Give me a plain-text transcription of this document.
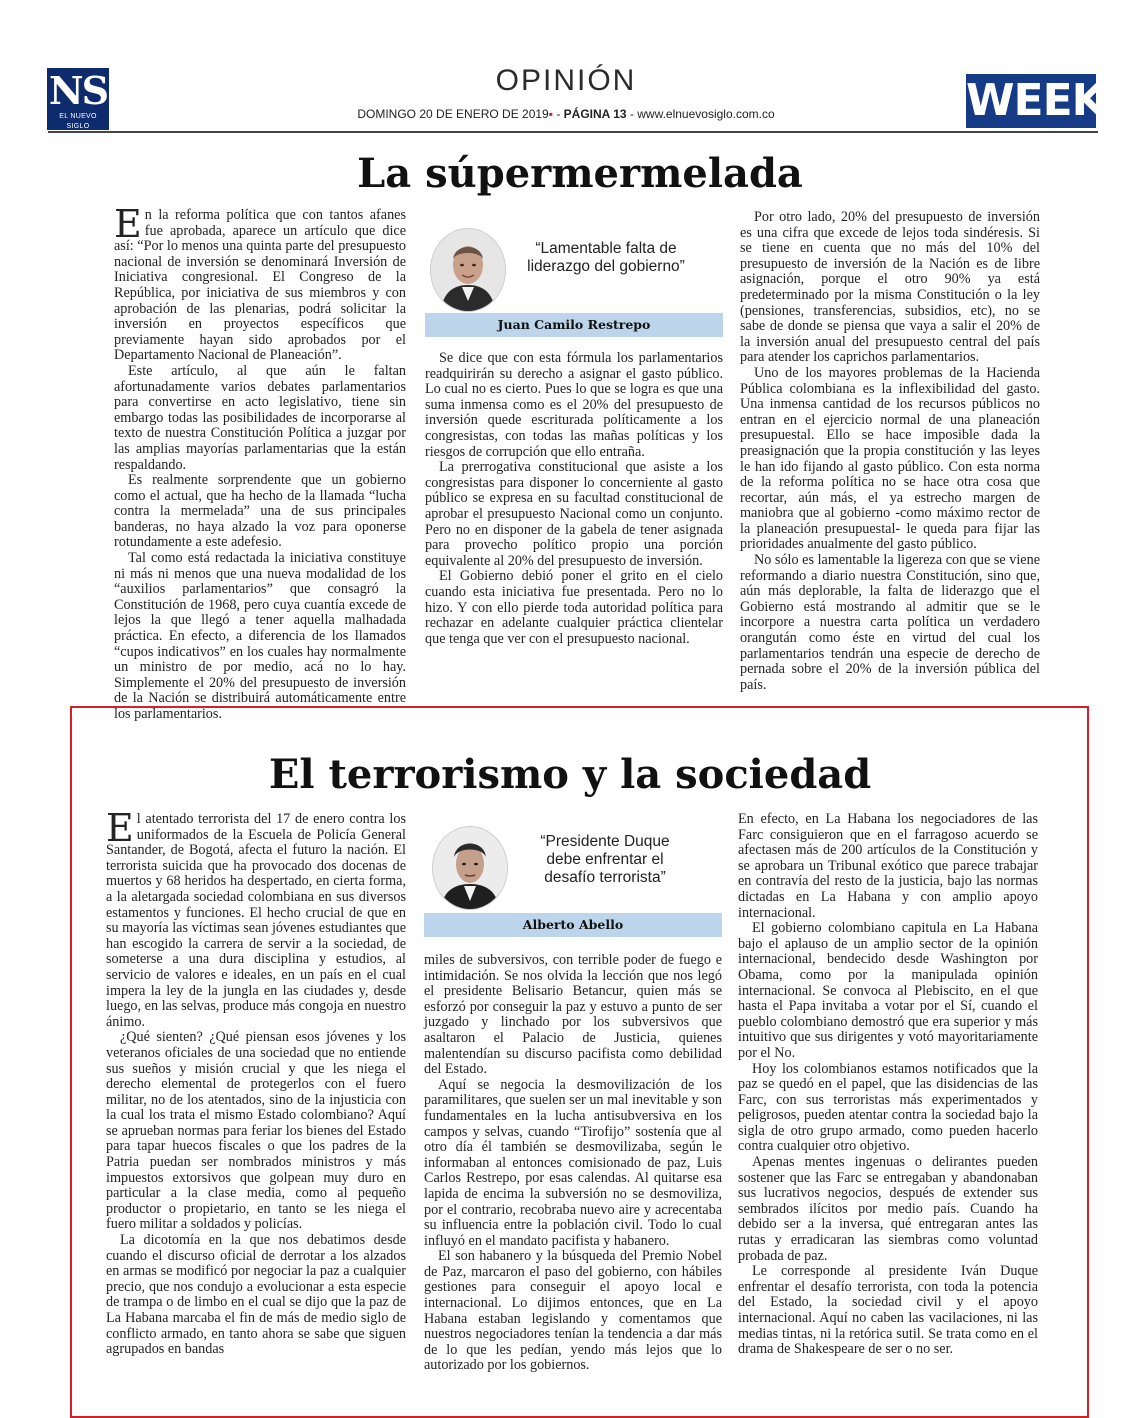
NS
EL NUEVO SIGLO
OPINIÓN
DOMINGO 20 DE ENERO DE 2019▪ - PÁGINA 13 - www.elnuevosiglo.com.co	WEEK
La súpermermelada

En la reforma política que con tantos afanes fue aprobada, aparece un artículo que dice así: “Por lo menos una quinta parte del presupuesto nacional de inversión se denominará Inversión de Iniciativa congresional. El Congreso de la República, por iniciativa de sus miembros y con aprobación de las plenarias, podrá solicitar la inversión en proyectos específicos que previamente hayan sido aprobados por el Departamento Nacional de Planeación”.

Este artículo, al que aún le faltan afortunadamente varios debates parlamentarios para convertirse en acto legislativo, tiene sin embargo todas las posibilidades de incorporarse al texto de nuestra Constitución Política a juzgar por las amplias mayorías parlamentarias que la están respaldando.

Es realmente sorprendente que un gobierno como el actual, que ha hecho de la llamada “lucha contra la mermelada” una de sus principales banderas, no haya alzado la voz para oponerse rotundamente a este adefesio.

Tal como está redactada la iniciativa constituye ni más ni menos que una nueva modalidad de los “auxilios parlamentarios” que consagró la Constitución de 1968, pero cuya cuantía excede de lejos la que llegó a tener aquella malhadada práctica. En efecto, a diferencia de los llamados “cupos indicativos” en los cuales hay normalmente un ministro de por medio, acá no lo hay. Simplemente el 20% del presupuesto de inversión de la Nación se distribuirá automáticamente entre los parlamentarios.

“Lamentable falta de liderazgo del gobierno”
Juan Camilo Restrepo

Se dice que con esta fórmula los parlamentarios readquirirán su derecho a asignar el gasto público. Lo cual no es cierto. Pues lo que se logra es que una suma inmensa como es el 20% del presupuesto de inversión quede escriturada políticamente a los congresistas, con todas las mañas políticas y los riesgos de corrupción que ello entraña.

La prerrogativa constitucional que asiste a los congresistas para disponer lo concerniente al gasto público se expresa en su facultad constitucional de aprobar el presupuesto Nacional como un conjunto. Pero no en disponer de la gabela de tener asignada para provecho político propio una porción equivalente al 20% del presupuesto de inversión.

El Gobierno debió poner el grito en el cielo cuando esta iniciativa fue presentada. Pero no lo hizo. Y con ello pierde toda autoridad política para rechazar en adelante cualquier práctica clientelar que tenga que ver con el presupuesto nacional.

Por otro lado, 20% del presupuesto de inversión es una cifra que excede de lejos toda sindéresis. Si se tiene en cuenta que no más del 10% del presupuesto de inversión de la Nación es de libre asignación, porque el otro 90% ya está predeterminado por la misma Constitución o la ley (pensiones, transferencias, subsidios, etc), no se sabe de donde se piensa que vaya a salir el 20% de la inversión anual del presupuesto central del país para atender los caprichos parlamentarios.

Uno de los mayores problemas de la Hacienda Pública colombiana es la inflexibilidad del gasto. Una inmensa cantidad de los recursos públicos no entran en el ejercicio normal de una planeación presupuestal. Ello se hace imposible dada la preasignación que la propia constitución y las leyes le han ido fijando al gasto público. Con esta norma de la reforma política no se hace otra cosa que recortar, aún más, el ya estrecho margen de maniobra que al gobierno -como máximo rector de la planeación presupuestal- le queda para fijar las prioridades anualmente del gasto público.

No sólo es lamentable la ligereza con que se viene reformando a diario nuestra Constitución, sino que, aún más deplorable, la falta de liderazgo que el Gobierno está mostrando al admitir que se le incorpore a nuestra carta política un verdadero orangután como éste en virtud del cual los parlamentarios tendrán una especie de derecho de pernada sobre el 20% de la inversión pública del país.

El terrorismo y la sociedad

El atentado terrorista del 17 de enero contra los uniformados de la Escuela de Policía General Santander, de Bogotá, afecta el futuro la nación. El terrorista suicida que ha provocado dos docenas de muertos y 68 heridos ha despertado, en cierta forma, a la aletargada sociedad colombiana en sus diversos estamentos y funciones. El hecho crucial de que en su mayoría las víctimas sean jóvenes estudiantes que han escogido la carrera de servir a la sociedad, de someterse a una dura disciplina y estudios, al servicio de valores e ideales, en un país en el cual impera la ley de la jungla en las ciudades y, desde luego, en las selvas, produce más congoja en nuestro ánimo.

¿Qué sienten? ¿Qué piensan esos jóvenes y los veteranos oficiales de una sociedad que no entiende sus sueños y misión crucial y que les niega el derecho elemental de protegerlos con el fuero militar, no de los atentados, sino de la injusticia con la cual los trata el mismo Estado colombiano? Aquí se aprueban normas para feriar los bienes del Estado para tapar huecos fiscales o que los padres de la Patria puedan ser nombrados ministros y más impuestos extorsivos que golpean muy duro en particular a la clase media, como al pequeño productor o propietario, en tanto se les niega el fuero militar a soldados y policías.

La dicotomía en la que nos debatimos desde cuando el discurso oficial de derrotar a los alzados en armas se modificó por negociar la paz a cualquier precio, que nos condujo a evolucionar a esta especie de trampa o de limbo en el cual se dijo que la paz de La Habana marcaba el fin de más de medio siglo de conflicto armado, en tanto ahora se sabe que siguen agrupados en bandas

“Presidente Duque debe enfrentar el desafío terrorista”
Alberto Abello

miles de subversivos, con terrible poder de fuego e intimidación. Se nos olvida la lección que nos legó el presidente Belisario Betancur, quien más se esforzó por conseguir la paz y estuvo a punto de ser juzgado y linchado por los subversivos que asaltaron el Palacio de Justicia, quienes malentendían su discurso pacifista como debilidad del Estado.

Aquí se negocia la desmovilización de los paramilitares, que suelen ser un mal inevitable y son fundamentales en la lucha antisubversiva en los campos y selvas, cuando “Tirofijo” sostenía que al otro día él también se desmovilizaba, según le informaban al entonces comisionado de paz, Luis Carlos Restrepo, por esas calendas. Al quitarse esa lapida de encima la subversión no se desmoviliza, por el contrario, recobraba nuevo aire y acrecentaba su influencia entre la población civil. Todo lo cual influyó en el mandato pacifista y habanero.

El son habanero y la búsqueda del Premio Nobel de Paz, marcaron el paso del gobierno, con hábiles gestiones para conseguir el apoyo local e internacional. Lo dijimos entonces, que en La Habana estaban legislando y comentamos que nuestros negociadores tenían la tendencia a dar más de lo que les pedían, yendo más lejos que lo autorizado por los gobiernos.

En efecto, en La Habana los negociadores de las Farc consiguieron que en el farragoso acuerdo se afectasen más de 200 artículos de la Constitución y se aprobara un Tribunal exótico que parece trabajar en contravía del resto de la justicia, bajo las normas dictadas en La Habana y con amplio apoyo internacional.

El gobierno colombiano capitula en La Habana bajo el aplauso de un amplio sector de la opinión internacional, bendecido desde Washington por Obama, como por la manipulada opinión internacional. Se convoca al Plebiscito, en el que hasta el Papa invitaba a votar por el Sí, cuando el pueblo colombiano demostró que era superior y más intuitivo que sus dirigentes y votó mayoritariamente por el No.

Hoy los colombianos estamos notificados que la paz se quedó en el papel, que las disidencias de las Farc, con sus terroristas más experimentados y peligrosos, pueden atentar contra la sociedad bajo la sigla de otro grupo armado, como pueden hacerlo contra cualquier otro objetivo.

Apenas mentes ingenuas o delirantes pueden sostener que las Farc se entregaban y abandonaban sus lucrativos negocios, después de extender sus sembrados ilícitos por medio país. Cuando ha debido ser a la inversa, qué entregaran antes las rutas y erradicaran las siembras como voluntad probada de paz.

Le corresponde al presidente Iván Duque enfrentar el desafío terrorista, con toda la potencia del Estado, la sociedad civil y el apoyo internacional. Aquí no caben las vacilaciones, ni las medias tintas, ni la retórica sutil. Se trata como en el drama de Shakespeare de ser o no ser.
